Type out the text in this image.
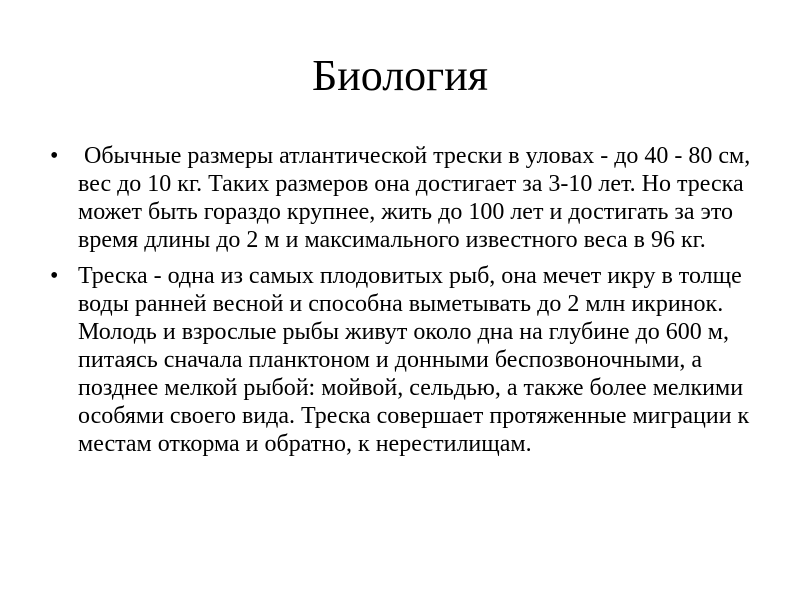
Биология
• Обычные размеры атлантической трески в уловах - до 40 - 80 см, вес до 10 кг. Таких размеров она достигает за 3-10 лет. Но треска может быть гораздо крупнее, жить до 100 лет и достигать за это время длины до 2 м и максимального известного веса в 96 кг.
• Треска - одна из самых плодовитых рыб, она мечет икру в толще воды ранней весной и способна выметывать до 2 млн икринок. Молодь и взрослые рыбы живут около дна на глубине до 600 м, питаясь сначала планктоном и донными беспозвоночными, а позднее мелкой рыбой: мойвой, сельдью, а также более мелкими особями своего вида. Треска совершает протяженные миграции к местам откорма и обратно, к нерестилищам.
